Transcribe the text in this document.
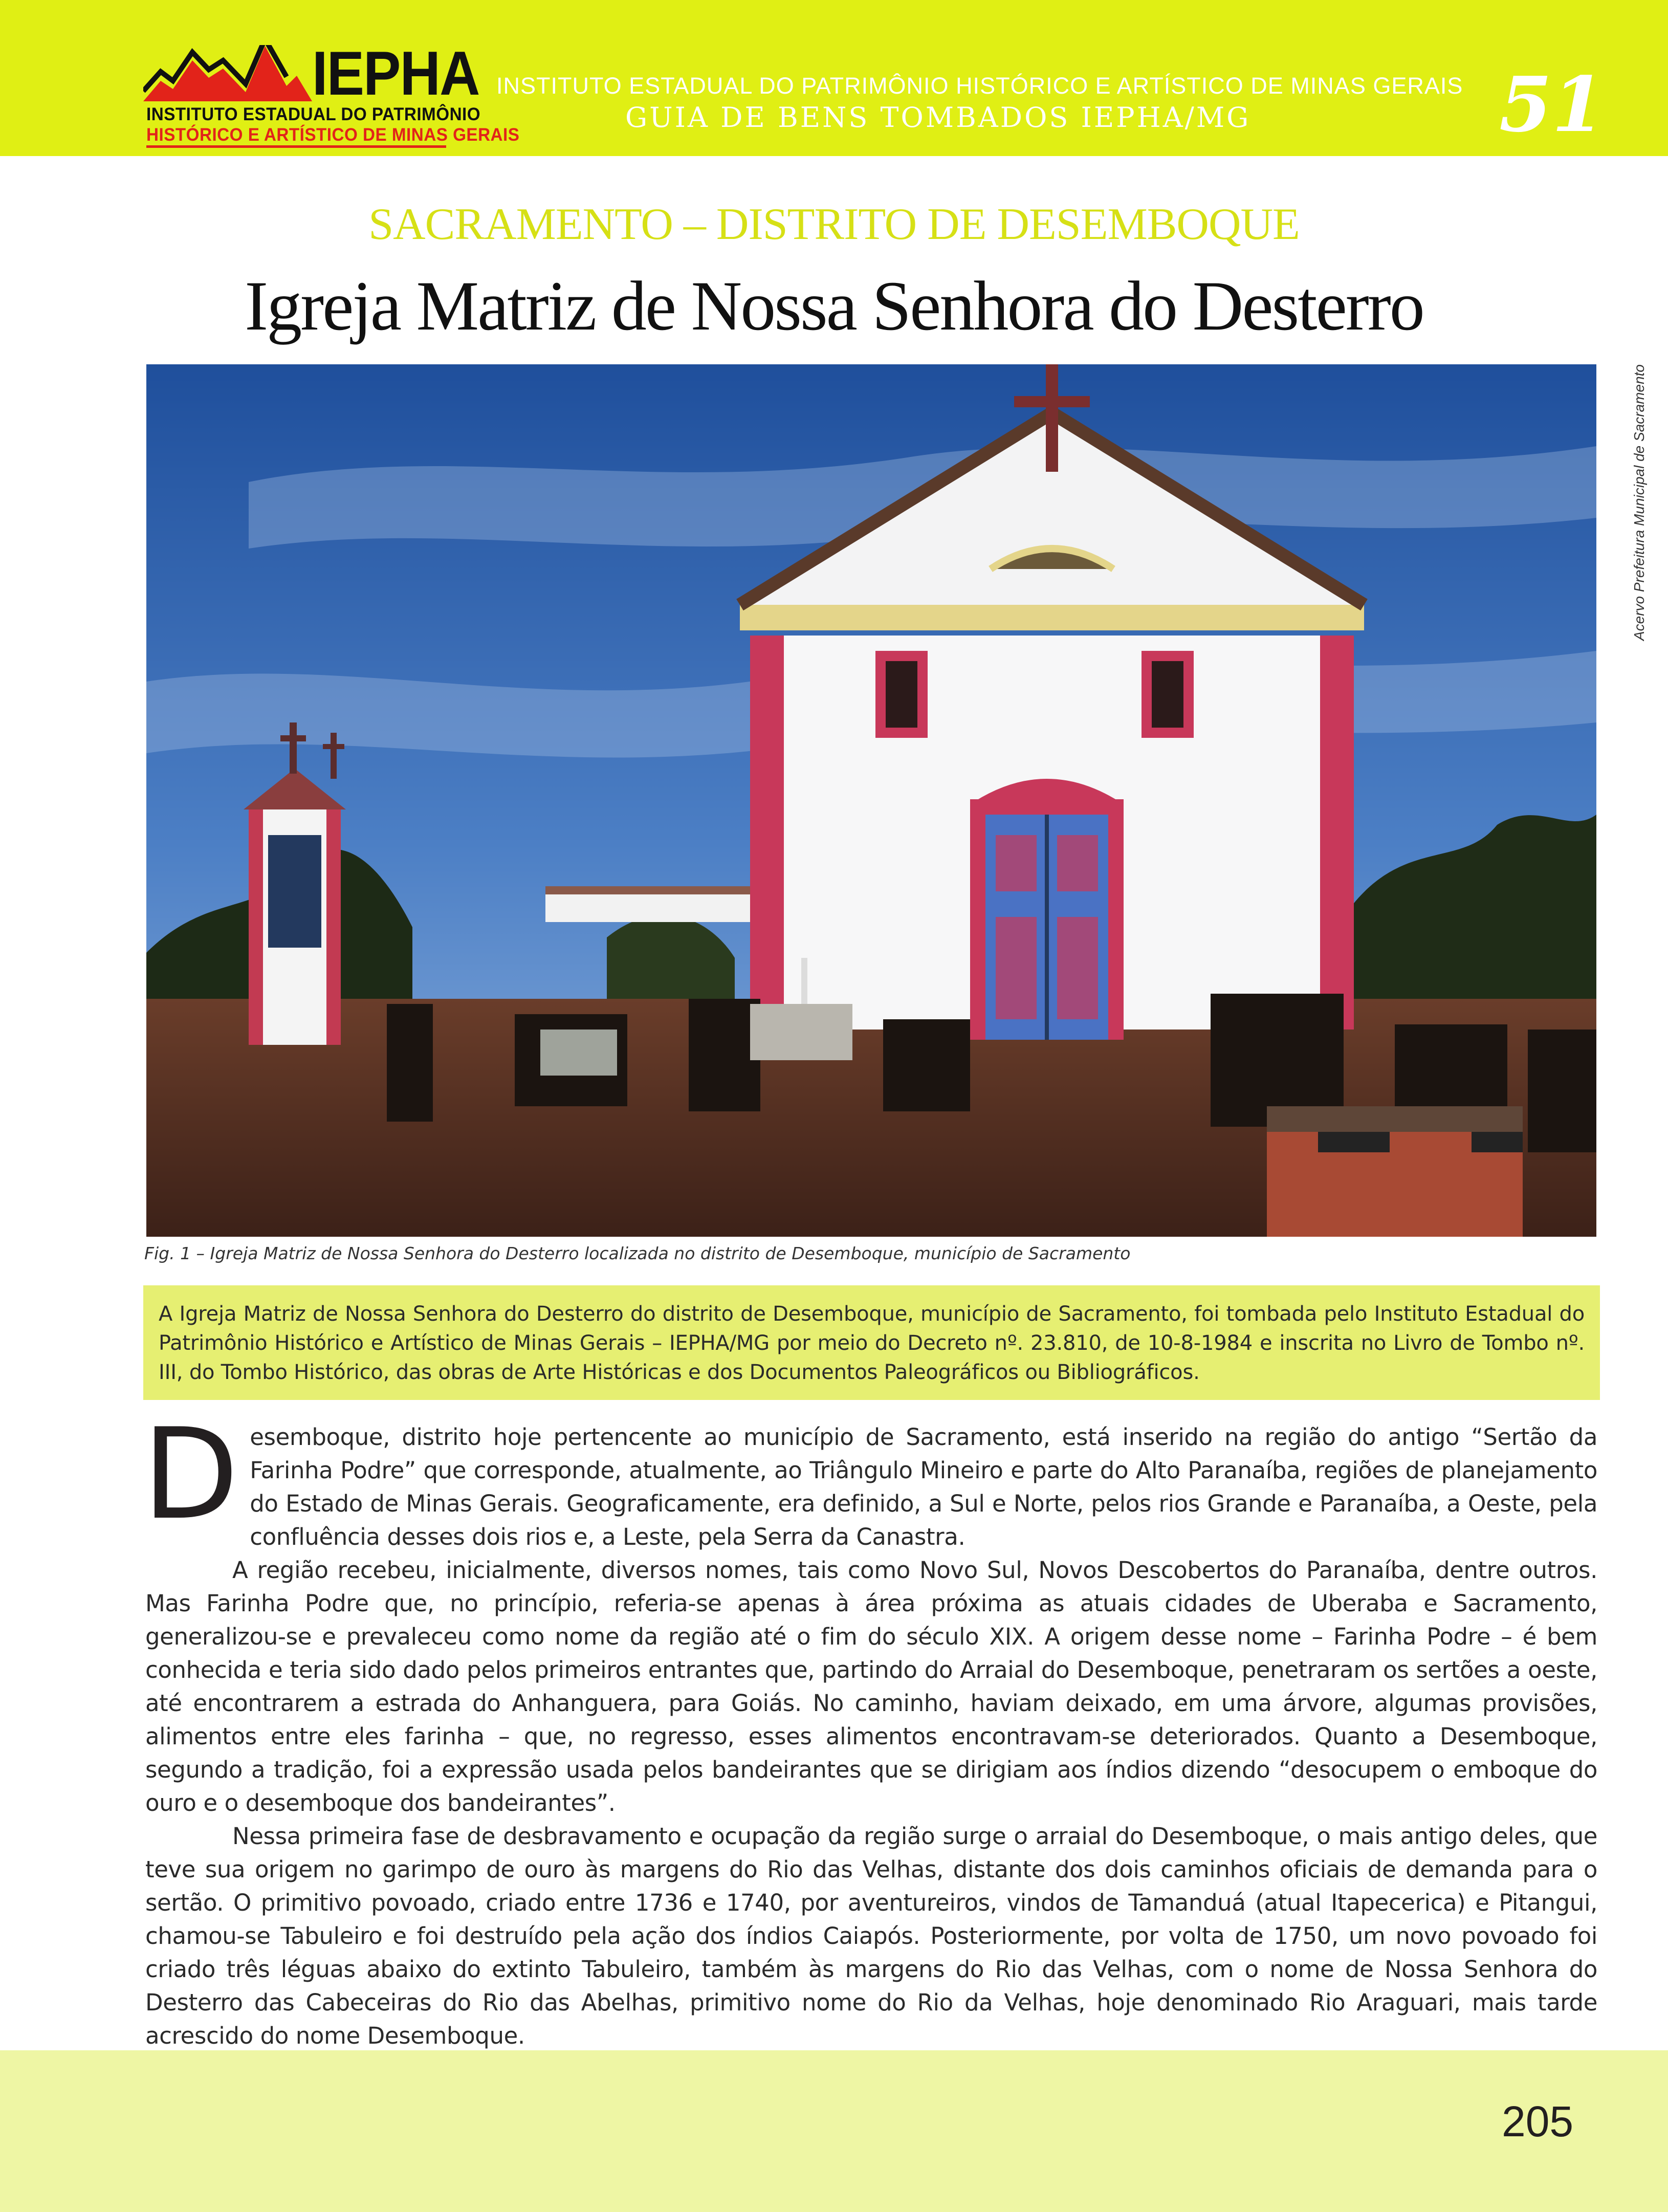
IEPHA
INSTITUTO ESTADUAL DO PATRIMÔNIO
HISTÓRICO E ARTÍSTICO DE MINAS GERAIS
INSTITUTO ESTADUAL DO PATRIMÔNIO HISTÓRICO E ARTÍSTICO DE MINAS GERAIS
GUIA DE BENS TOMBADOS IEPHA/MG	51
SACRAMENTO – DISTRITO DE DESEMBOQUE
Igreja Matriz de Nossa Senhora do Desterro
Acervo Prefeitura Municipal de Sacramento
Fig. 1 – Igreja Matriz de Nossa Senhora do Desterro localizada no distrito de Desemboque, município de Sacramento

A Igreja Matriz de Nossa Senhora do Desterro do distrito de Desemboque, município de Sacramento, foi tombada pelo Instituto Estadual do Patrimônio Histórico e Artístico de Minas Gerais – IEPHA/MG por meio do Decreto nº. 23.810, de 10-8-1984 e inscrita no Livro de Tombo nº. III, do Tombo Histórico, das obras de Arte Históricas e dos Documentos Paleográficos ou Bibliográficos.

Desemboque, distrito hoje pertencente ao município de Sacramento, está inserido na região do antigo “Sertão da Farinha Podre” que corresponde, atualmente, ao Triângulo Mineiro e parte do Alto Paranaíba, regiões de planejamento do Estado de Minas Gerais. Geograficamente, era definido, a Sul e Norte, pelos rios Grande e Paranaíba, a Oeste, pela confluência desses dois rios e, a Leste, pela Serra da Canastra.

A região recebeu, inicialmente, diversos nomes, tais como Novo Sul, Novos Descobertos do Paranaíba, dentre outros. Mas Farinha Podre que, no princípio, referia-se apenas à área próxima as atuais cidades de Uberaba e Sacramento, generalizou-se e prevaleceu como nome da região até o fim do século XIX. A origem desse nome – Farinha Podre – é bem conhecida e teria sido dado pelos primeiros entrantes que, partindo do Arraial do Desemboque, penetraram os sertões a oeste, até encontrarem a estrada do Anhanguera, para Goiás. No caminho, haviam deixado, em uma árvore, algumas provisões, alimentos entre eles farinha – que, no regresso, esses alimentos encontravam-se deteriorados. Quanto a Desemboque, segundo a tradição, foi a expressão usada pelos bandeirantes que se dirigiam aos índios dizendo “desocupem o emboque do ouro e o desemboque dos bandeirantes”.

Nessa primeira fase de desbravamento e ocupação da região surge o arraial do Desemboque, o mais antigo deles, que teve sua origem no garimpo de ouro às margens do Rio das Velhas, distante dos dois caminhos oficiais de demanda para o sertão. O primitivo povoado, criado entre 1736 e 1740, por aventureiros, vindos de Tamanduá (atual Itapecerica) e Pitangui, chamou-se Tabuleiro e foi destruído pela ação dos índios Caiapós. Posteriormente, por volta de 1750, um novo povoado foi criado três léguas abaixo do extinto Tabuleiro, também às margens do Rio das Velhas, com o nome de Nossa Senhora do Desterro das Cabeceiras do Rio das Abelhas, primitivo nome do Rio da Velhas, hoje denominado Rio Araguari, mais tarde acrescido do nome Desemboque.

205
